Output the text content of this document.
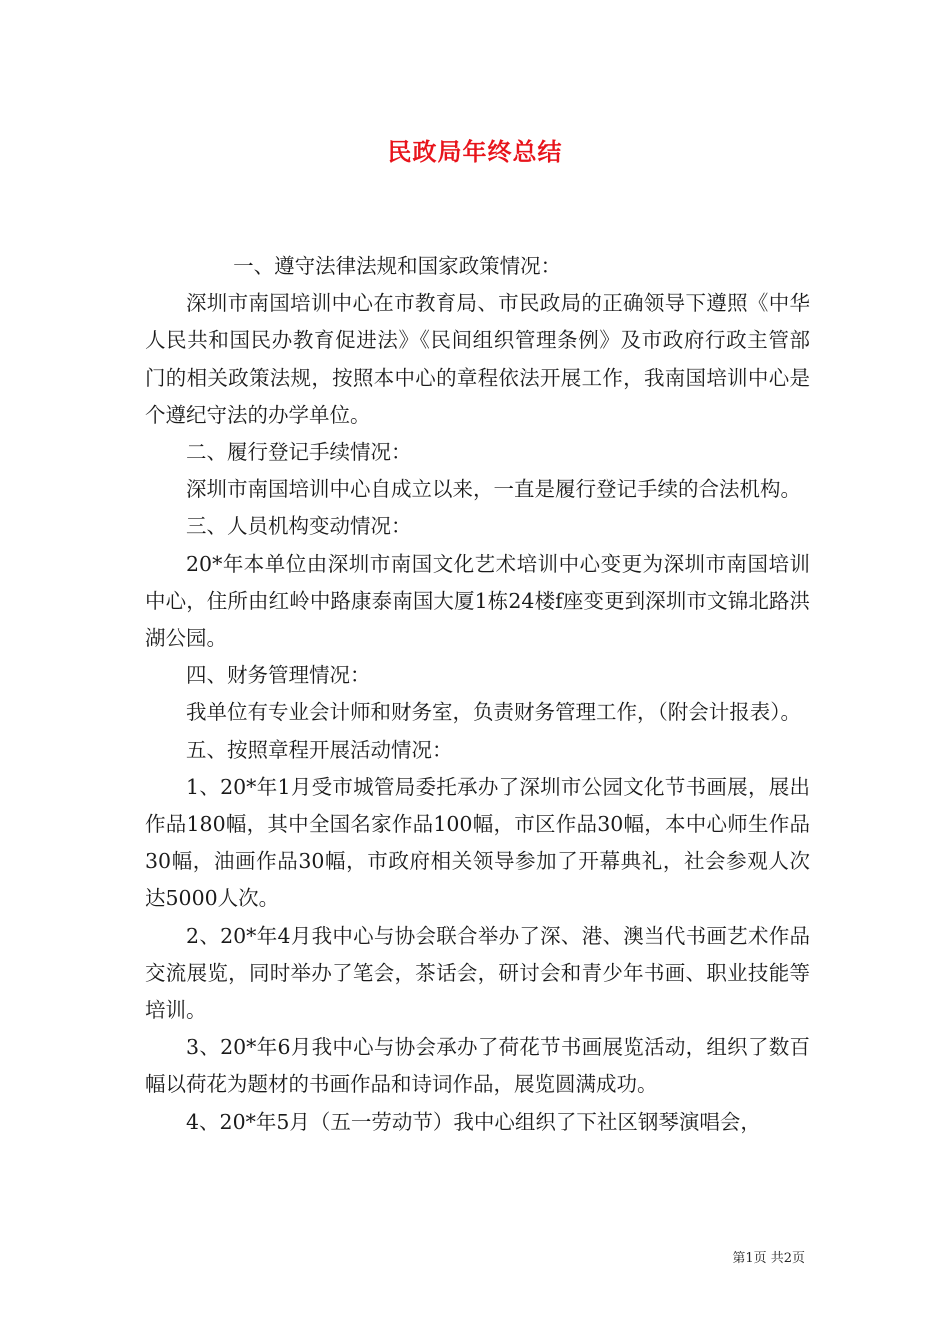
民政局年终总结

一、遵守法律法规和国家政策情况：

深圳市南国培训中心在市教育局、市民政局的正确领导下遵照《中华人民共和国民办教育促进法》《民间组织管理条例》及市政府行政主管部门的相关政策法规，按照本中心的章程依法开展工作，我南国培训中心是个遵纪守法的办学单位。

二、履行登记手续情况：

深圳市南国培训中心自成立以来，一直是履行登记手续的合法机构。

三、人员机构变动情况：

20*年本单位由深圳市南国文化艺术培训中心变更为深圳市南国培训中心，住所由红岭中路康泰南国大厦1栋24楼f座变更到深圳市文锦北路洪湖公园。

四、财务管理情况：

我单位有专业会计师和财务室，负责财务管理工作，（附会计报表）。

五、按照章程开展活动情况：

1、20*年1月受市城管局委托承办了深圳市公园文化节书画展，展出作品180幅，其中全国名家作品100幅，市区作品30幅，本中心师生作品30幅，油画作品30幅，市政府相关领导参加了开幕典礼，社会参观人次达5000人次。

2、20*年4月我中心与协会联合举办了深、港、澳当代书画艺术作品交流展览，同时举办了笔会，茶话会，研讨会和青少年书画、职业技能等培训。

3、20*年6月我中心与协会承办了荷花节书画展览活动，组织了数百幅以荷花为题材的书画作品和诗词作品，展览圆满成功。

4、20*年5月（五一劳动节）我中心组织了下社区钢琴演唱会，

第1页 共2页
